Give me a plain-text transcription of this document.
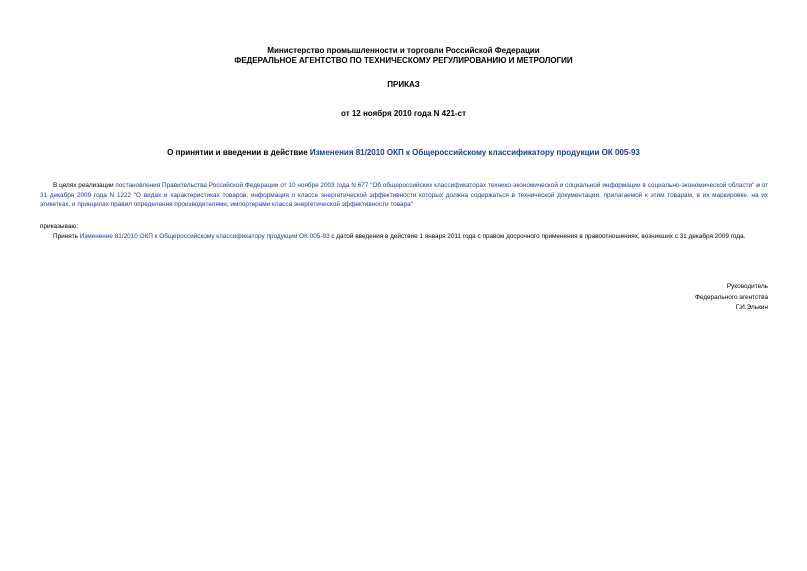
Министерство промышленности и торговли Российской Федерации
ФЕДЕРАЛЬНОЕ АГЕНТСТВО ПО ТЕХНИЧЕСКОМУ РЕГУЛИРОВАНИЮ И МЕТРОЛОГИИ
ПРИКАЗ
от 12 ноября 2010 года N 421-ст
О принятии и введении в действие Изменения 81/2010 ОКП к Общероссийскому классификатору продукции ОК 005-93
В целях реализации постановления Правительства Российской Федерации от 10 ноября 2003 года N 677 "Об общероссийских классификаторах технико-экономической и социальной информации в социально-экономической области" и от 31 декабря 2009 года N 1222 "О видах и характеристиках товаров, информация о классе энергетической эффективности которых должна содержаться в технической документации, прилагаемой к этим товарам, в их маркировке, на их этикетках, и принципах правил определения производителями, импортерами класса энергетической эффективности товара"
приказываю:
Принять Изменение 81/2010 ОКП к Общероссийскому классификатору продукции ОК 005-93 с датой введения в действие 1 января 2011 года с правом досрочного применения в правоотношениях, возникших с 31 декабря 2009 года.
Руководитель
Федерального агентства
Г.И.Элькин
